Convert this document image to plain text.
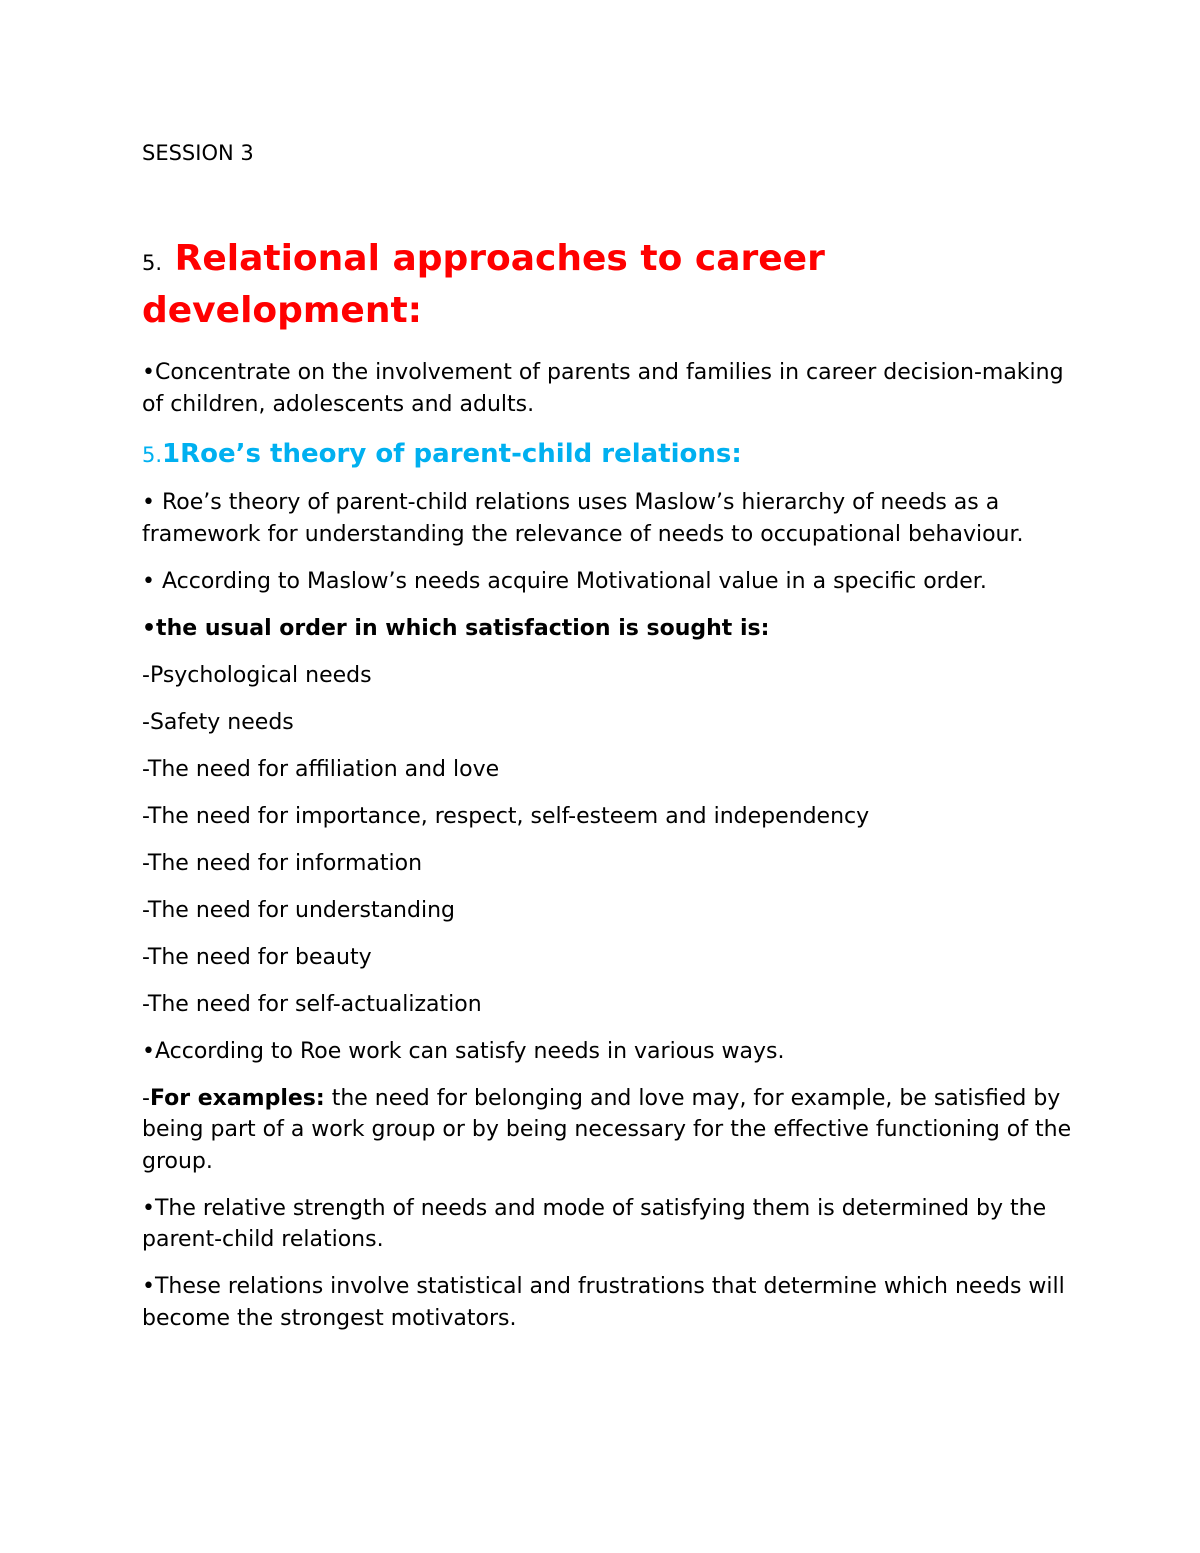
SESSION 3

5. Relational approaches to career development:

•Concentrate on the involvement of parents and families in career decision-making of children, adolescents and adults.

5.1Roe’s theory of parent-child relations:

• Roe’s theory of parent-child relations uses Maslow’s hierarchy of needs as a framework for understanding the relevance of needs to occupational behaviour.

• According to Maslow’s needs acquire Motivational value in a specific order.

•the usual order in which satisfaction is sought is:

-Psychological needs

-Safety needs

-The need for affiliation and love

-The need for importance, respect, self-esteem and independency

-The need for information

-The need for understanding

-The need for beauty

-The need for self-actualization

•According to Roe work can satisfy needs in various ways.

-For examples: the need for belonging and love may, for example, be satisfied by being part of a work group or by being necessary for the effective functioning of the group.

•The relative strength of needs and mode of satisfying them is determined by the parent-child relations.

•These relations involve statistical and frustrations that determine which needs will become the strongest motivators.
